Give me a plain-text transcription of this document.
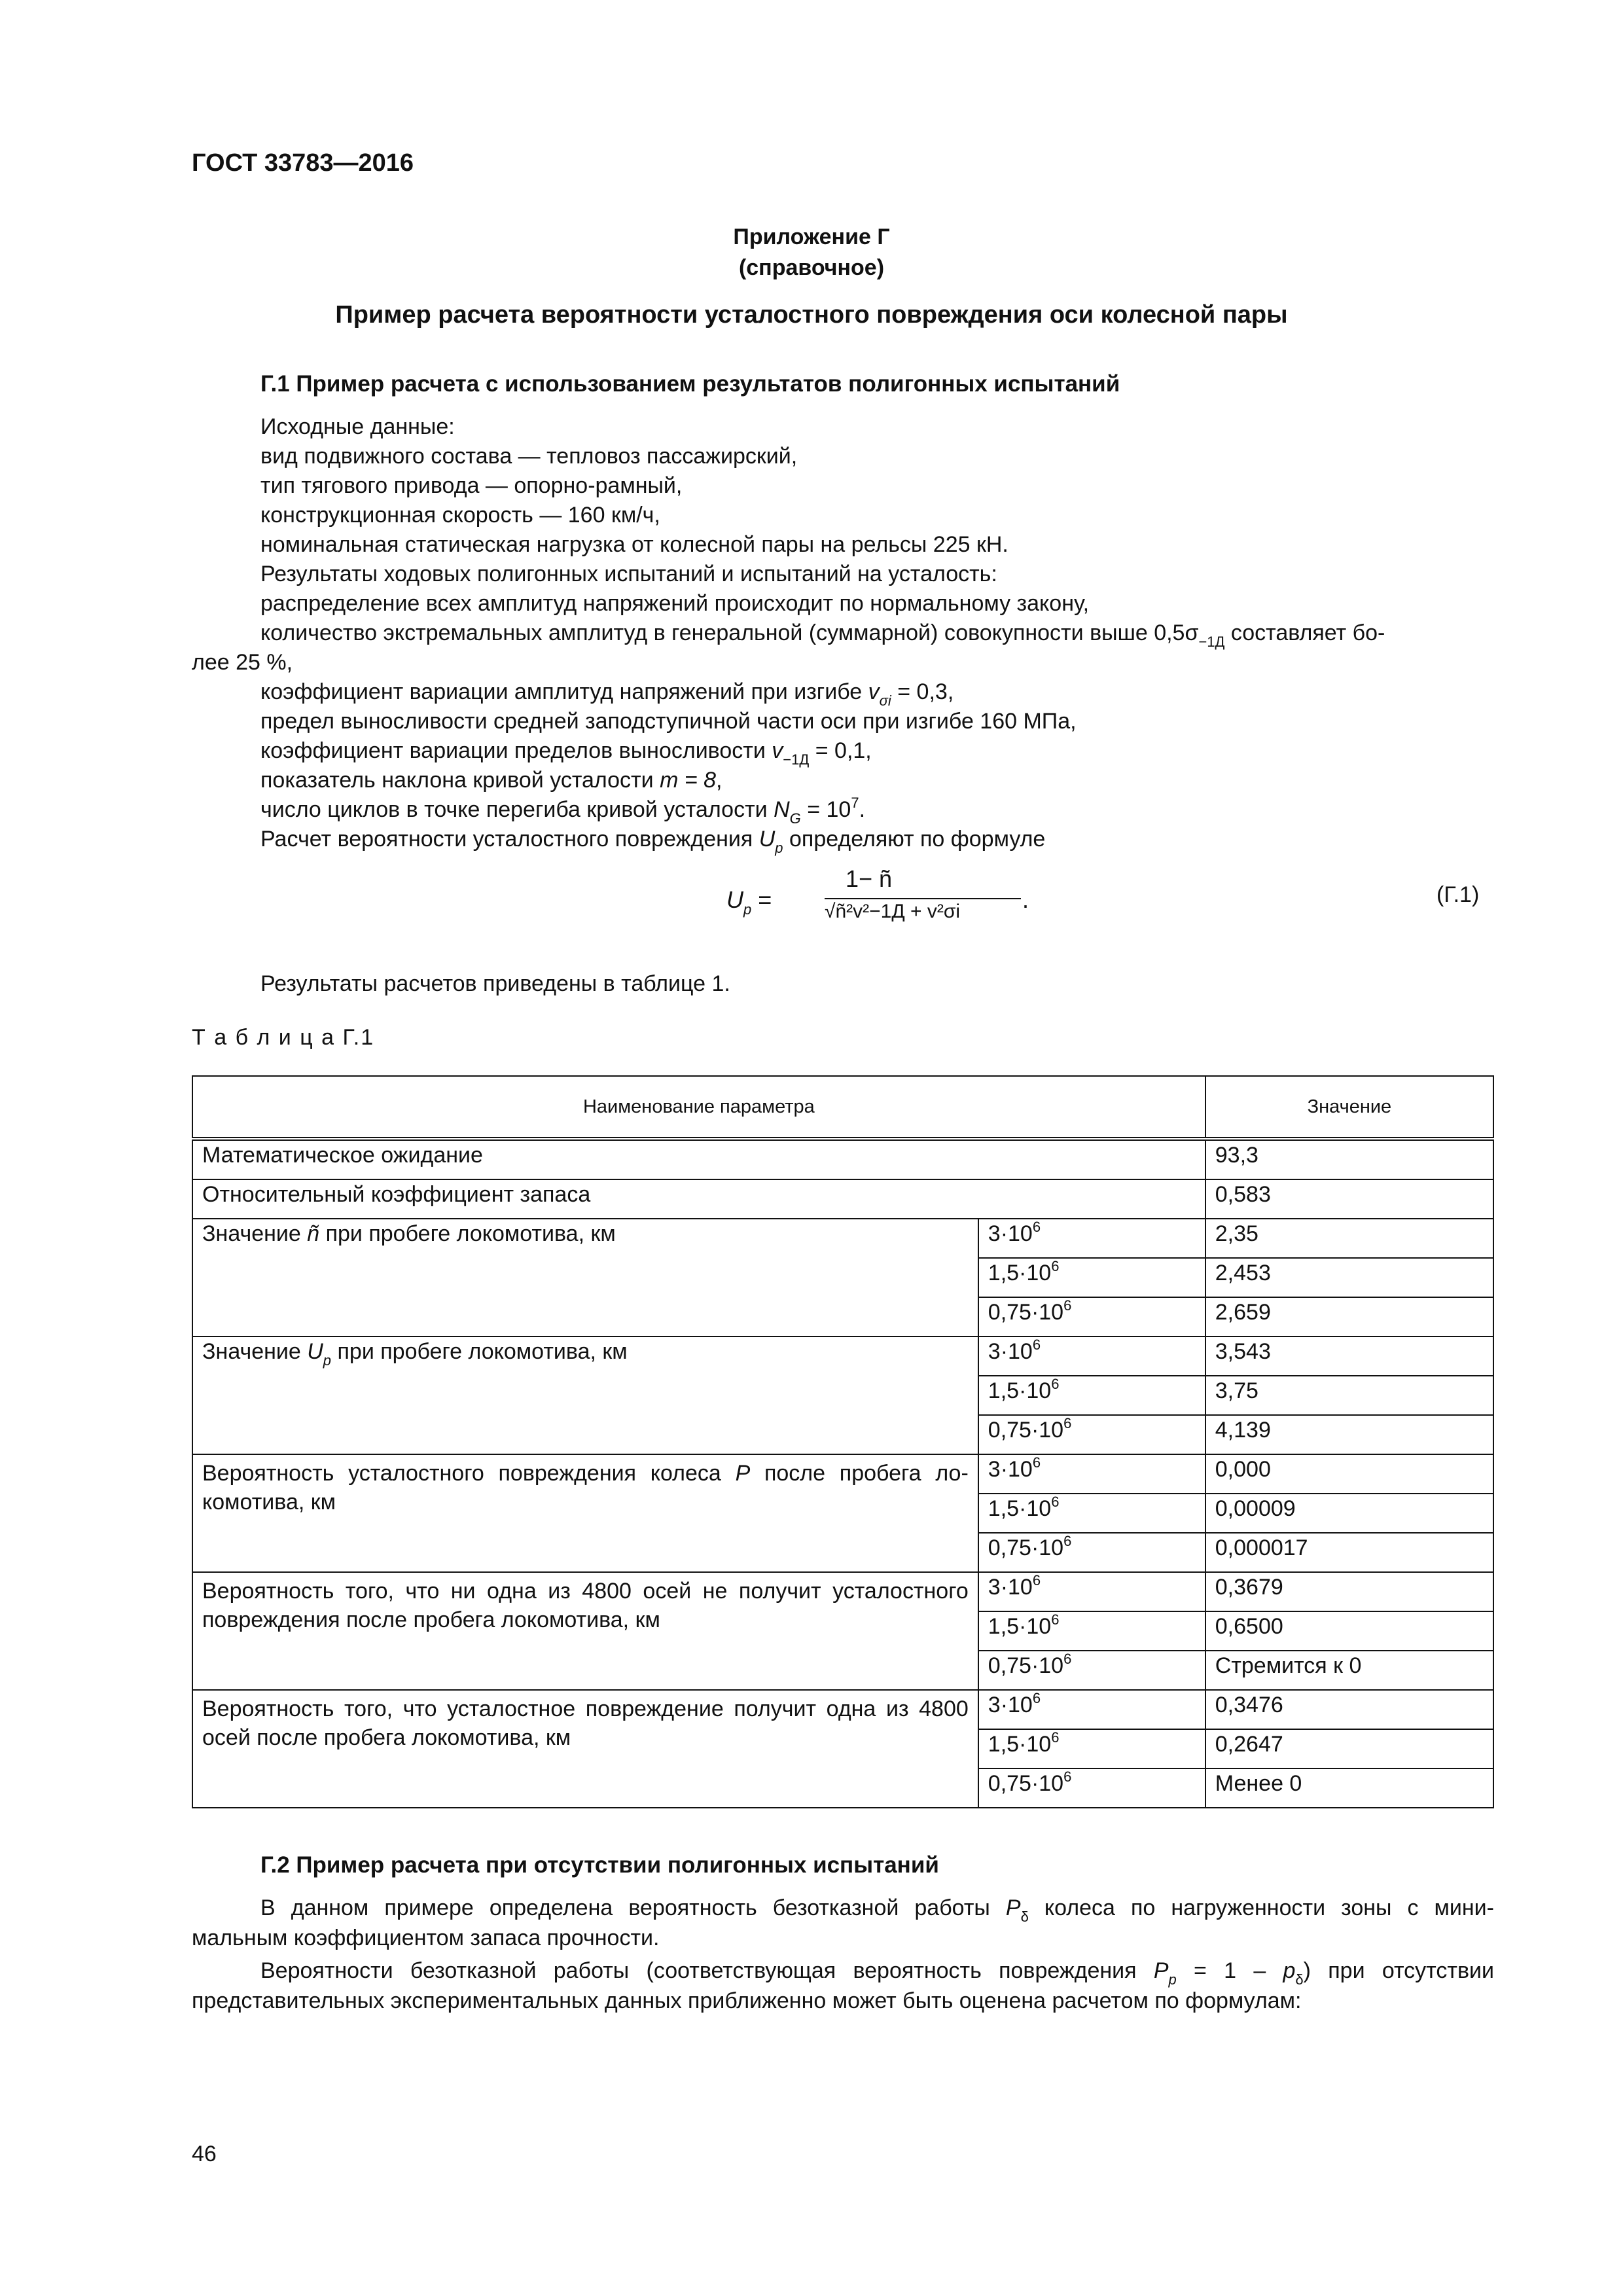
ГОСТ 33783—2016
Приложение Г
(справочное)
Пример расчета вероятности усталостного повреждения оси колесной пары
Г.1 Пример расчета с использованием результатов полигонных испытаний
Исходные данные:
вид подвижного состава — тепловоз пассажирский,
тип тягового привода — опорно-рамный,
конструкционная скорость — 160 км/ч,
номинальная статическая нагрузка от колесной пары на рельсы 225 кН.
Результаты ходовых полигонных испытаний и испытаний на усталость:
распределение всех амплитуд напряжений происходит по нормальному закону,
количество экстремальных амплитуд в генеральной (суммарной) совокупности выше $0,5\sigma_{-1Д}$ составляет бо-
лее 25 %,
коэффициент вариации амплитуд напряжений при изгибе $v_{\sigma i} = 0,3$,
предел выносливости средней заподступичной части оси при изгибе 160 МПа,
коэффициент вариации пределов выносливости $v_{-1Д} = 0,1$,
показатель наклона кривой усталости m = 8,
число циклов в точке перегиба кривой усталости $N_G = 10^7$.
Расчет вероятности усталостного повреждения $U_p$ определяют по формуле
$U_p$ =
1− ñ
√ñ²v²−1Д + v²σi	.	(Г.1)
Результаты расчетов приведены в таблице 1.
Т а б л и ц а Г.1
Наименование параметра		Значение
Математическое ожидание		93,3
Относительный коэффициент запаса		0,583
Значение ñ при пробеге локомотива, км	$3\cdot 10^6$	2,35
	$1,5\cdot 10^6$	2,453
	$0,75\cdot 10^6$	2,659
Значение $U_p$ при пробеге локомотива, км	$3\cdot 10^6$	3,543
	$1,5\cdot 10^6$	3,75
	$0,75\cdot 10^6$	4,139
Вероятность усталостного повреждения колеса P после пробега ло-комотива, км	$3\cdot 10^6$	0,000
	$1,5\cdot 10^6$	0,00009
	$0,75\cdot 10^6$	0,000017
Вероятность того, что ни одна из 4800 осей не получит усталостного повреждения после пробега локомотива, км	$3\cdot 10^6$	0,3679
	$1,5\cdot 10^6$	0,6500
	$0,75\cdot 10^6$	Стремится к 0
Вероятность того, что усталостное повреждение получит одна из 4800 осей после пробега локомотива, км	$3\cdot 10^6$	0,3476
	$1,5\cdot 10^6$	0,2647
	$0,75\cdot 10^6$	Менее 0
Г.2 Пример расчета при отсутствии полигонных испытаний
В данном примере определена вероятность безотказной работы $P_\delta$ колеса по нагруженности зоны с мини-
мальным коэффициентом запаса прочности.
Вероятности безотказной работы (соответствующая вероятность повреждения $P_p = 1 - p_\delta$) при отсутствии
представительных экспериментальных данных приближенно может быть оценена расчетом по формулам:
46
